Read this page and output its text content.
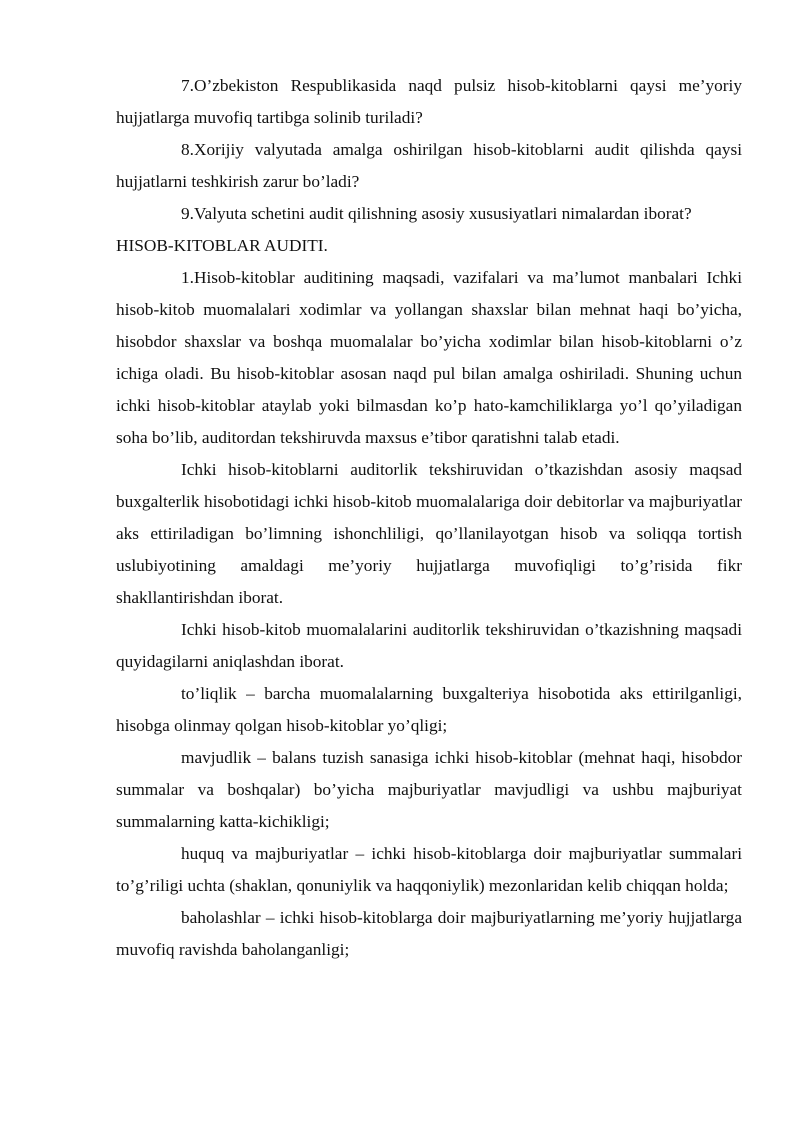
7.O’zbekiston Respublikasida naqd pulsiz hisob-kitoblarni qaysi me’yoriy hujjatlarga muvofiq tartibga solinib turiladi?

8.Xorijiy valyutada amalga oshirilgan hisob-kitoblarni audit qilishda qaysi hujjatlarni teshkirish zarur bo’ladi?

9.Valyuta schetini audit qilishning asosiy xususiyatlari nimalardan iborat?

HISOB-KITOBLAR AUDITI.

1.Hisob-kitoblar auditining maqsadi, vazifalari va ma’lumot manbalari Ichki hisob-kitob muomalalari xodimlar va yollangan shaxslar bilan mehnat haqi bo’yicha, hisobdor shaxslar va boshqa muomalalar bo’yicha xodimlar bilan hisob-kitoblarni o’z ichiga oladi. Bu hisob-kitoblar asosan naqd pul bilan amalga oshiriladi. Shuning uchun ichki hisob-kitoblar ataylab yoki bilmasdan ko’p hato-kamchiliklarga yo’l qo’yiladigan soha bo’lib, auditordan tekshiruvda maxsus e’tibor qaratishni talab etadi.

Ichki hisob-kitoblarni auditorlik tekshiruvidan o’tkazishdan asosiy maqsad buxgalterlik hisobotidagi ichki hisob-kitob muomalalariga doir debitorlar va majburiyatlar aks ettiriladigan bo’limning ishonchliligi, qo’llanilayotgan hisob va soliqqa tortish uslubiyotining amaldagi me’yoriy hujjatlarga muvofiqligi to’g’risida fikr shakllantirishdan iborat.

Ichki hisob-kitob muomalalarini auditorlik tekshiruvidan o’tkazishning maqsadi quyidagilarni aniqlashdan iborat.

to’liqlik – barcha muomalalarning buxgalteriya hisobotida aks ettirilganligi, hisobga olinmay qolgan hisob-kitoblar yo’qligi;

mavjudlik – balans tuzish sanasiga ichki hisob-kitoblar (mehnat haqi, hisobdor summalar va boshqalar) bo’yicha majburiyatlar mavjudligi va ushbu majburiyat summalarning katta-kichikligi;

huquq va majburiyatlar – ichki hisob-kitoblarga doir majburiyatlar summalari to’g’riligi uchta (shaklan, qonuniylik va haqqoniylik) mezonlaridan kelib chiqqan holda;

baholashlar – ichki hisob-kitoblarga doir majburiyatlarning me’yoriy hujjatlarga muvofiq ravishda baholanganligi;
